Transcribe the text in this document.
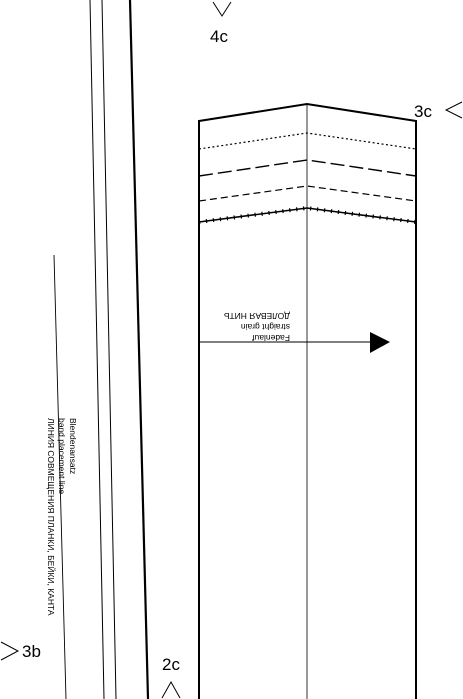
Fadenlauf
straight grain
ДОЛЕВАЯ НИТЬ
Blendenansatz
band placement line
ЛИНИЯ СОВМЕЩЕНИЯ ПЛАНКИ, БЕЙКИ, КАНТА
4c
3c
3b
2c
